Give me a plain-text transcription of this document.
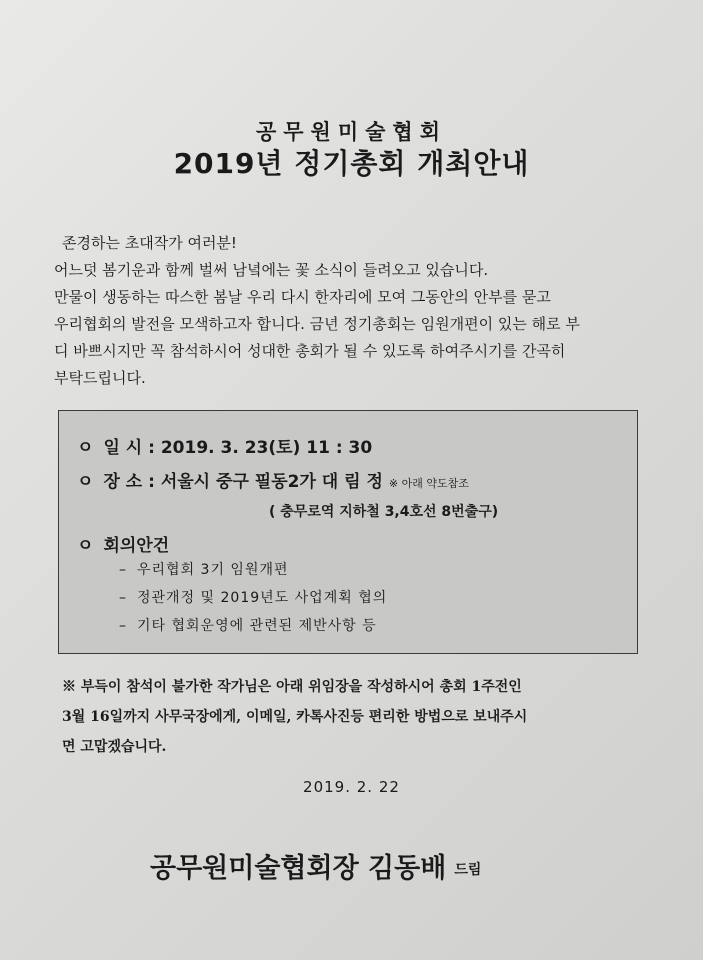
공무원미술협회
2019년 정기총회 개최안내

존경하는 초대작가 여러분!

어느덧 봄기운과 함께 벌써 남녘에는 꽃 소식이 들려오고 있습니다.

만물이 생동하는 따스한 봄날 우리 다시 한자리에 모여 그동안의 안부를 묻고

우리협회의 발전을 모색하고자 합니다. 금년 정기총회는 임원개편이 있는 해로 부

디 바쁘시지만 꼭 참석하시어 성대한 총회가 될 수 있도록 하여주시기를 간곡히

부탁드립니다.

ㅇ 일 시 : 2019. 3. 23(토) 11 : 30
ㅇ 장 소 : 서울시 중구 필동2가 대 림 정 ※ 아래 약도참조
( 충무로역 지하철 3,4호선 8번출구)
ㅇ 회의안건
– 우리협회 3기 임원개편
– 정관개정 및 2019년도 사업계획 협의
– 기타 협회운영에 관련된 제반사항 등

※ 부득이 참석이 불가한 작가님은 아래 위임장을 작성하시어 총회 1주전인

3월 16일까지 사무국장에게, 이메일, 카톡사진등 편리한 방법으로 보내주시

면 고맙겠습니다.

2019. 2. 22
공무원미술협회장 김동배 드림
